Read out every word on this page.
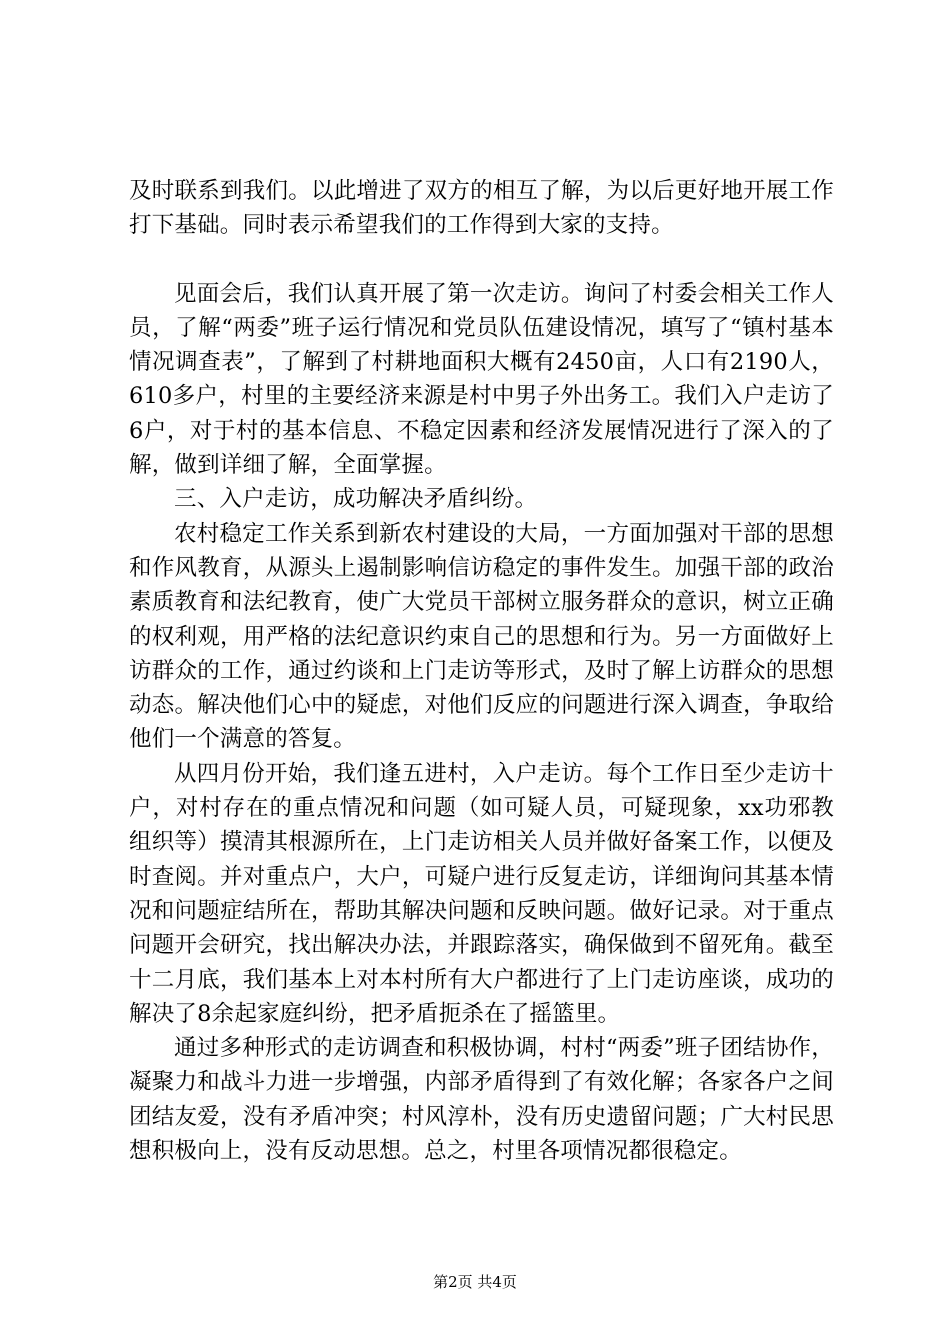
及时联系到我们。以此增进了双方的相互了解，为以后更好地开展工作打下基础。同时表示希望我们的工作得到大家的支持。

见面会后，我们认真开展了第一次走访。询问了村委会相关工作人员，了解“两委”班子运行情况和党员队伍建设情况，填写了“镇村基本情况调查表”，了解到了村耕地面积大概有2450亩，人口有2190人，610多户，村里的主要经济来源是村中男子外出务工。我们入户走访了6户，对于村的基本信息、不稳定因素和经济发展情况进行了深入的了解，做到详细了解，全面掌握。

三、入户走访，成功解决矛盾纠纷。

农村稳定工作关系到新农村建设的大局，一方面加强对干部的思想和作风教育，从源头上遏制影响信访稳定的事件发生。加强干部的政治素质教育和法纪教育，使广大党员干部树立服务群众的意识，树立正确的权利观，用严格的法纪意识约束自己的思想和行为。另一方面做好上访群众的工作，通过约谈和上门走访等形式，及时了解上访群众的思想动态。解决他们心中的疑虑，对他们反应的问题进行深入调查，争取给他们一个满意的答复。

从四月份开始，我们逢五进村，入户走访。每个工作日至少走访十户，对村存在的重点情况和问题（如可疑人员，可疑现象，xx功邪教组织等）摸清其根源所在，上门走访相关人员并做好备案工作，以便及时查阅。并对重点户，大户，可疑户进行反复走访，详细询问其基本情况和问题症结所在，帮助其解决问题和反映问题。做好记录。对于重点问题开会研究，找出解决办法，并跟踪落实，确保做到不留死角。截至十二月底，我们基本上对本村所有大户都进行了上门走访座谈，成功的解决了8余起家庭纠纷，把矛盾扼杀在了摇篮里。

通过多种形式的走访调查和积极协调，村村“两委”班子团结协作，凝聚力和战斗力进一步增强，内部矛盾得到了有效化解；各家各户之间团结友爱，没有矛盾冲突；村风淳朴，没有历史遗留问题；广大村民思想积极向上，没有反动思想。总之，村里各项情况都很稳定。

第2页 共4页
